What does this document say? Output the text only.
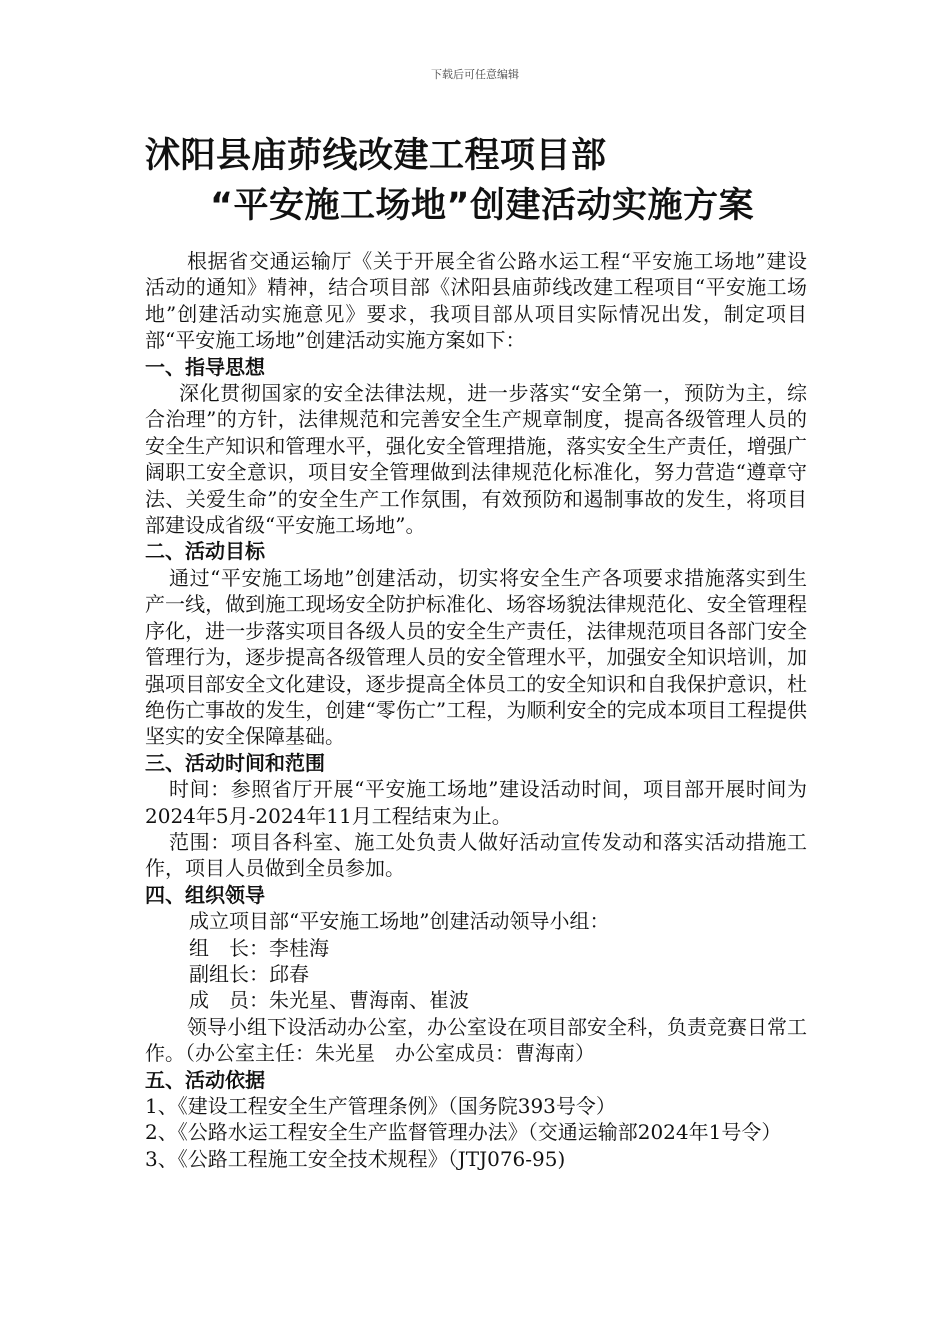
下载后可任意编辑
沭阳县庙茆线改建工程项目部
“平安施工场地”创建活动实施方案

根据省交通运输厅《关于开展全省公路水运工程“平安施工场地”建设活动的通知》精神，结合项目部《沭阳县庙茆线改建工程项目“平安施工场地”创建活动实施意见》要求，我项目部从项目实际情况出发，制定项目部“平安施工场地”创建活动实施方案如下：

一、指导思想

深化贯彻国家的安全法律法规，进一步落实“安全第一，预防为主，综合治理”的方针，法律规范和完善安全生产规章制度，提高各级管理人员的安全生产知识和管理水平，强化安全管理措施，落实安全生产责任，增强广阔职工安全意识，项目安全管理做到法律规范化标准化，努力营造“遵章守法、关爱生命”的安全生产工作氛围，有效预防和遏制事故的发生，将项目部建设成省级“平安施工场地”。

二、活动目标

通过“平安施工场地”创建活动，切实将安全生产各项要求措施落实到生产一线，做到施工现场安全防护标准化、场容场貌法律规范化、安全管理程序化，进一步落实项目各级人员的安全生产责任，法律规范项目各部门安全管理行为，逐步提高各级管理人员的安全管理水平，加强安全知识培训，加强项目部安全文化建设，逐步提高全体员工的安全知识和自我保护意识，杜绝伤亡事故的发生，创建“零伤亡”工程，为顺利安全的完成本项目工程提供坚实的安全保障基础。

三、活动时间和范围

时间：参照省厅开展“平安施工场地”建设活动时间，项目部开展时间为2024年5月-2024年11月工程结束为止。

范围：项目各科室、施工处负责人做好活动宣传发动和落实活动措施工作，项目人员做到全员参加。

四、组织领导

成立项目部“平安施工场地”创建活动领导小组：

组　长：李桂海

副组长：邱春

成　员：朱光星、曹海南、崔波

领导小组下设活动办公室，办公室设在项目部安全科，负责竞赛日常工作。（办公室主任：朱光星　办公室成员：曹海南）

五、活动依据

1、《建设工程安全生产管理条例》（国务院393号令）

2、《公路水运工程安全生产监督管理办法》（交通运输部2024年1号令）

3、《公路工程施工安全技术规程》（JTJ076-95)
